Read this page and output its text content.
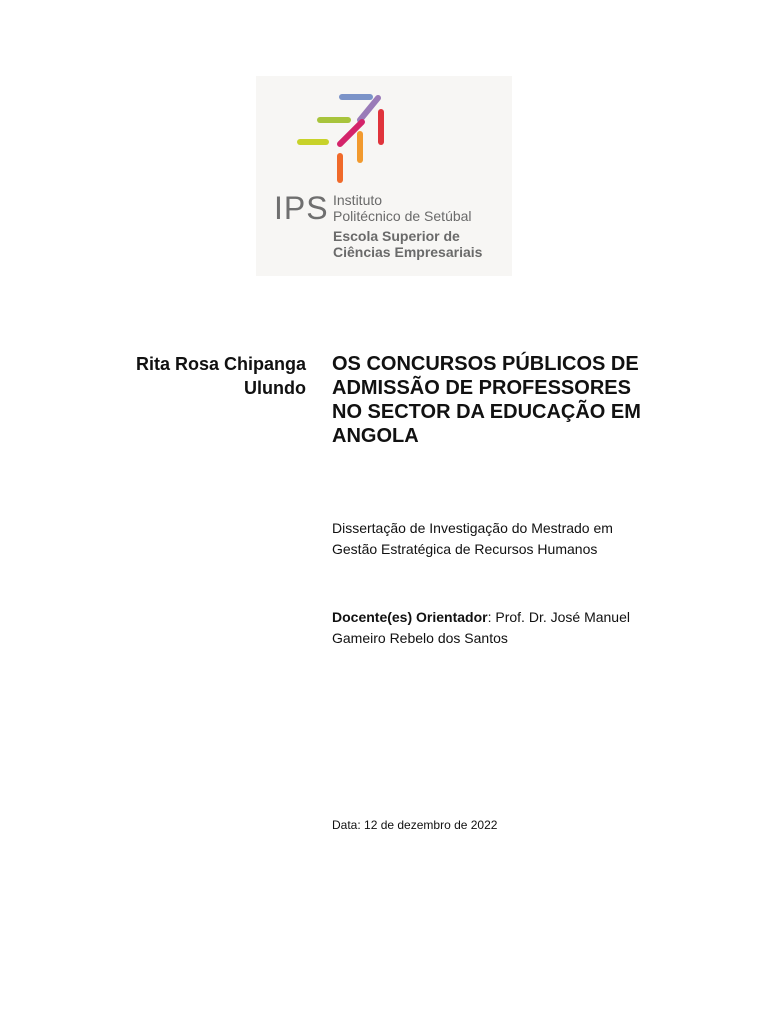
IPS Instituto
Politécnico de Setúbal
Escola Superior de
Ciências Empresariais
Rita Rosa Chipanga
Ulundo
OS CONCURSOS PÚBLICOS DE
ADMISSÃO DE PROFESSORES
NO SECTOR DA EDUCAÇÃO EM
ANGOLA
Dissertação de Investigação do Mestrado em
Gestão Estratégica de Recursos Humanos
Docente(es) Orientador: Prof. Dr. José Manuel
Gameiro Rebelo dos Santos
Data: 12 de dezembro de 2022
